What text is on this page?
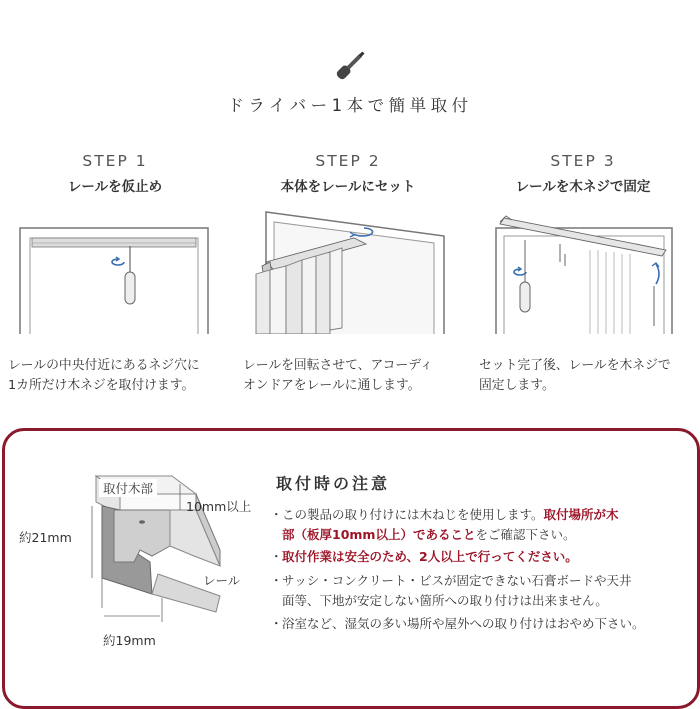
ドライバー1本で簡単取付
STEP 1
レールを仮止め
STEP 2
本体をレールにセット
STEP 3
レールを木ネジで固定
レールの中央付近にあるネジ穴に
1カ所だけ木ネジを取付けます。
レールを回転させて、アコーディ
オンドアをレールに通します。
セット完了後、レールを木ネジで
固定します。
取付木部
10mm以上
約21mm
レール
約19mm
取付時の注意
・この製品の取り付けには木ねじを使用します。取付場所が木
部（板厚10mm以上）であることをご確認下さい。
・取付作業は安全のため、2人以上で行ってください。
・サッシ・コンクリート・ビスが固定できない石膏ボードや天井
面等、下地が安定しない箇所への取り付けは出来ません。
・浴室など、湿気の多い場所や屋外への取り付けはおやめ下さい。
